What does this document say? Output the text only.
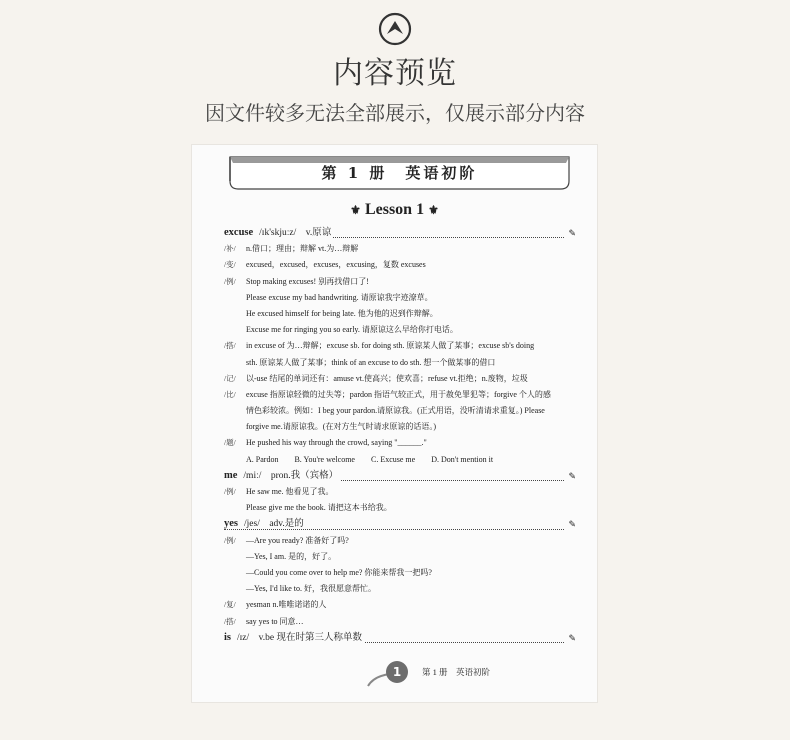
内容预览
因文件较多无法全部展示，仅展示部分内容
第 1 册　英语初阶
⚜ Lesson 1 ⚜
excuse /ɪk'skjuːz/　v.原谅	✎
/补/ n.借口；理由；辩解 vt.为…辩解
/变/ excused，excused，excuses，excusing，复数 excuses
/例/ Stop making excuses! 别再找借口了!
Please excuse my bad handwriting. 请原谅我字迹潦草。
He excused himself for being late. 他为他的迟到作辩解。
Excuse me for ringing you so early. 请原谅这么早给你打电话。
/搭/ in excuse of 为…辩解；excuse sb. for doing sth. 原谅某人做了某事；excuse sb's doing
sth. 原谅某人做了某事；think of an excuse to do sth. 想一个做某事的借口
/记/ 以-use 结尾的单词还有：amuse vt.使高兴；使欢喜；refuse vt.拒绝；n.废物，垃圾
/比/ excuse 指原谅轻微的过失等；pardon 指语气较正式，用于赦免罪犯等；forgive 个人的感
情色彩较浓。例如：I beg your pardon.请原谅我。(正式用语，没听清请求重复。) Please
forgive me.请原谅我。(在对方生气时请求原谅的话语。)
/题/ He pushed his way through the crowd, saying "______."
A. Pardon　　B. You're welcome　　C. Excuse me　　D. Don't mention it
me /miː/　pron.我（宾格）	✎
/例/ He saw me. 他看见了我。
Please give me the book. 请把这本书给我。
yes /jes/　adv.是的	✎
/例/ —Are you ready? 准备好了吗?
—Yes, I am. 是的，好了。
—Could you come over to help me? 你能来帮我一把吗?
—Yes, I'd like to. 好，我很愿意帮忙。
/复/ yesman n.唯唯诺诺的人
/搭/ say yes to 同意…
is /ɪz/　v.be 现在时第三人称单数	✎
1	第 1 册　英语初阶
